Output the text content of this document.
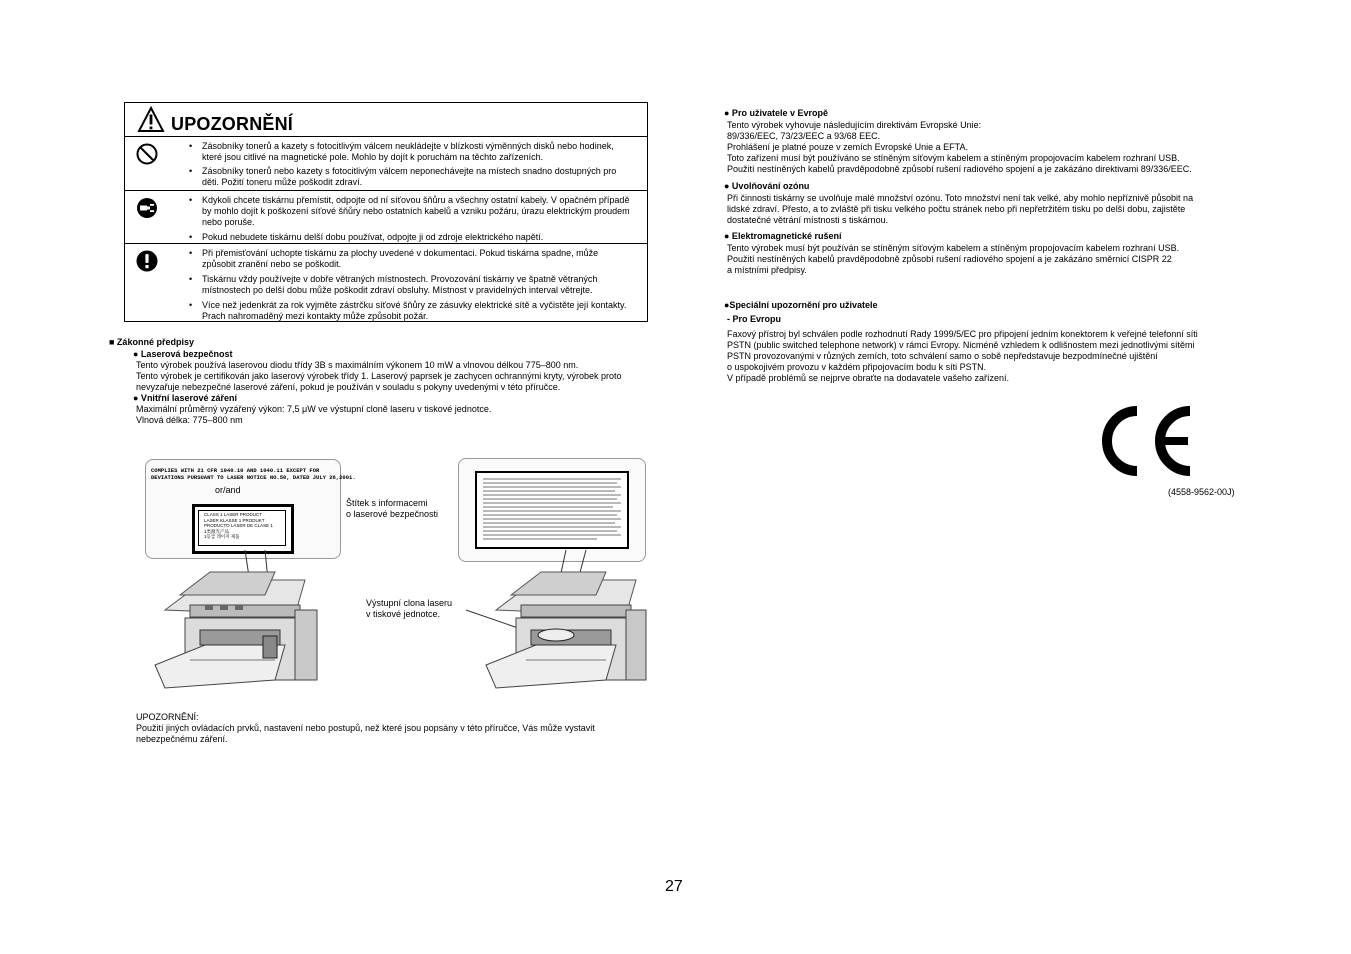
UPOZORNĚNÍ
• Zásobníky tonerů a kazety s fotocitlivým válcem neukládejte v blízkosti výměnných disků nebo hodinek, které jsou citlivé na magnetické pole. Mohlo by dojít k poruchám na těchto zařízeních.
• Zásobníky tonerů nebo kazety s fotocitlivým válcem neponechávejte na místech snadno dostupných pro děti. Požití toneru může poškodit zdraví.
• Kdykoli chcete tiskárnu přemístit, odpojte od ní síťovou šňůru a všechny ostatní kabely. V opačném případě by mohlo dojít k poškození síťové šňůry nebo ostatních kabelů a vzniku požáru, úrazu elektrickým proudem nebo poruše.
• Pokud nebudete tiskárnu delší dobu používat, odpojte ji od zdroje elektrického napětí.
• Při přemisťování uchopte tiskárnu za plochy uvedené v dokumentaci. Pokud tiskárna spadne, může způsobit zranění nebo se poškodit.
• Tiskárnu vždy používejte v dobře větraných místnostech. Provozování tiskárny ve špatně větraných místnostech po delší dobu může poškodit zdraví obsluhy. Místnost v pravidelných interval větrejte.
• Více než jedenkrát za rok vyjměte zástrčku síťové šňůry ze zásuvky elektrické sítě a vyčistěte její kontakty. Prach nahromaděný mezi kontakty může způsobit požár.
■ Zákonné předpisy
● Laserová bezpečnost
Tento výrobek používá laserovou diodu třídy 3B s maximálním výkonem 10 mW a vlnovou délkou 775–800 nm.
Tento výrobek je certifikován jako laserový výrobek třídy 1. Laserový paprsek je zachycen ochrannými kryty, výrobek proto
nevyzařuje nebezpečné laserové záření, pokud je používán v souladu s pokyny uvedenými v této příručce.
● Vnitřní laserové záření
Maximální průměrný vyzářený výkon: 7,5 μW ve výstupní cloně laseru v tiskové jednotce.
Vlnová délka: 775–800 nm
COMPLIES WITH 21 CFR 1040.10 AND 1040.11 EXCEPT FOR
DEVIATIONS PURSUANT TO LASER NOTICE NO.50, DATED JULY 26,2001.
or/and
CLASS 1 LASER PRODUCT
LASER KLASSE 1 PRODUKT
PRODUCTO LÁSER DE CLASE 1
1类激光产品
1등급 레이저 제품
Štítek s informacemi
o laserové bezpečnosti
Výstupní clona laseru
v tiskové jednotce.
UPOZORNĚNÍ:
Použití jiných ovládacích prvků, nastavení nebo postupů, než které jsou popsány v této příručce, Vás může vystavit
nebezpečnému záření.
● Pro uživatele v Evropě
Tento výrobek vyhovuje následujícím direktivám Evropské Unie:
89/336/EEC, 73/23/EEC a 93/68 EEC.
Prohlášení je platné pouze v zemích Evropské Unie a EFTA.
Toto zařízení musí být používáno se stíněným síťovým kabelem a stíněným propojovacím kabelem rozhraní USB.
Použití nestíněných kabelů pravděpodobně způsobí rušení radiového spojení a je zakázáno direktivami 89/336/EEC.
● Uvolňování ozónu
Při činnosti tiskárny se uvolňuje malé množství ozónu. Toto množství není tak velké, aby mohlo nepříznivě působit na
lidské zdraví. Přesto, a to zvláště při tisku velkého počtu stránek nebo při nepřetržitém tisku po delší dobu, zajistěte
dostatečné větrání místnosti s tiskárnou.
● Elektromagnetické rušení
Tento výrobek musí být používán se stíněným síťovým kabelem a stíněným propojovacím kabelem rozhraní USB.
Použití nestíněných kabelů pravděpodobně způsobí rušení radiového spojení a je zakázáno směrnicí CISPR 22
a místními předpisy.
●Speciální upozornění pro uživatele
- Pro Evropu
Faxový přístroj byl schválen podle rozhodnutí Rady 1999/5/EC pro připojení jedním konektorem k veřejné telefonní síti
PSTN (public switched telephone network) v rámci Evropy. Nicméně vzhledem k odlišnostem mezi jednotlivými sítěmi
PSTN provozovanými v různých zemích, toto schválení samo o sobě nepředstavuje bezpodmínečné ujištění
o uspokojivém provozu v každém připojovacím bodu k síti PSTN.
V případě problémů se nejprve obraťte na dodavatele vašeho zařízení.
(4558-9562-00J)
27
